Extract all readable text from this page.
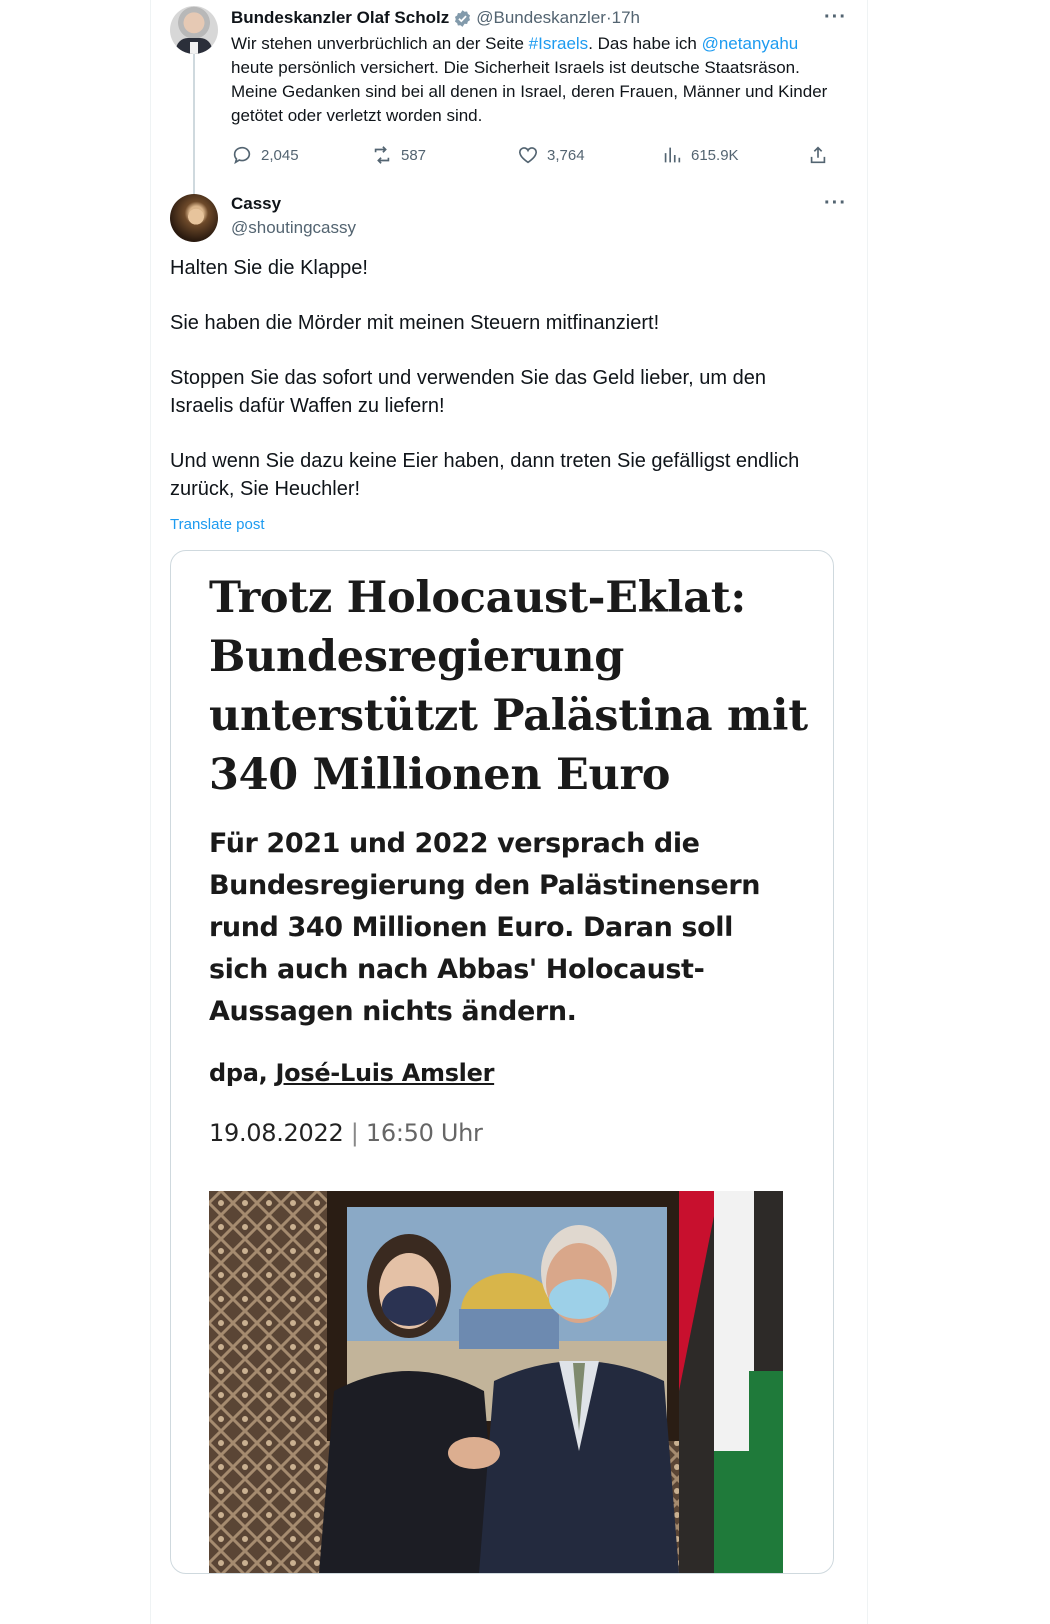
Bundeskanzler Olaf Scholz @Bundeskanzler · 17h	···
Wir stehen unverbrüchlich an der Seite #Israels. Das habe ich @netanyahu heute persönlich versichert. Die Sicherheit Israels ist deutsche Staatsräson. Meine Gedanken sind bei all denen in Israel, deren Frauen, Männer und Kinder getötet oder verletzt worden sind.
2,045	587	3,764	615.9K
Cassy
@shoutingcassy
···

Halten Sie die Klappe!

Sie haben die Mörder mit meinen Steuern mitfinanziert!

Stoppen Sie das sofort und verwenden Sie das Geld lieber, um den Israelis dafür Waffen zu liefern!

Und wenn Sie dazu keine Eier haben, dann treten Sie gefälligst endlich zurück, Sie Heuchler!

Translate post
Trotz Holocaust-Eklat: Bundesregierung unterstützt Palästina mit 340 Millionen Euro
Für 2021 und 2022 versprach die Bundesregierung den Palästinensern rund 340 Millionen Euro. Daran soll sich auch nach Abbas' Holocaust-Aussagen nichts ändern.
dpa, José-Luis Amsler
19.08.2022 | 16:50 Uhr
